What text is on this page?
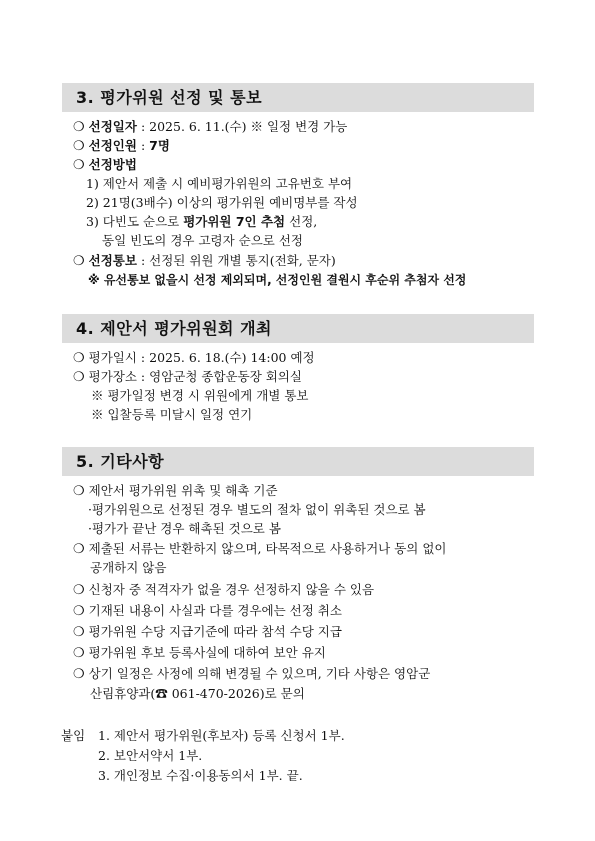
3. 평가위원 선정 및 통보
❍ 선정일자 : 2025. 6. 11.(수) ※ 일정 변경 가능
❍ 선정인원 : 7명
❍ 선정방법
1) 제안서 제출 시 예비평가위원의 고유번호 부여
2) 21명(3배수) 이상의 평가위원 예비명부를 작성
3) 다빈도 순으로 평가위원 7인 추첨 선정,
동일 빈도의 경우 고령자 순으로 선정
❍ 선정통보 : 선정된 위원 개별 통지(전화, 문자)
※ 유선통보 없을시 선정 제외되며, 선정인원 결원시 후순위 추첨자 선정
4. 제안서 평가위원회 개최
❍ 평가일시 : 2025. 6. 18.(수) 14:00 예정
❍ 평가장소 : 영암군청 종합운동장 회의실
※ 평가일정 변경 시 위원에게 개별 통보
※ 입찰등록 미달시 일정 연기
5. 기타사항
❍ 제안서 평가위원 위촉 및 해촉 기준
·평가위원으로 선정된 경우 별도의 절차 없이 위촉된 것으로 봄
·평가가 끝난 경우 해촉된 것으로 봄
❍ 제출된 서류는 반환하지 않으며, 타목적으로 사용하거나 동의 없이
공개하지 않음
❍ 신청자 중 적격자가 없을 경우 선정하지 않을 수 있음
❍ 기재된 내용이 사실과 다를 경우에는 선정 취소
❍ 평가위원 수당 지급기준에 따라 참석 수당 지급
❍ 평가위원 후보 등록사실에 대하여 보안 유지
❍ 상기 일정은 사정에 의해 변경될 수 있으며, 기타 사항은 영암군
산림휴양과(☎ 061-470-2026)로 문의
붙임 1. 제안서 평가위원(후보자) 등록 신청서 1부.
2. 보안서약서 1부.
3. 개인정보 수집·이용동의서 1부. 끝.
